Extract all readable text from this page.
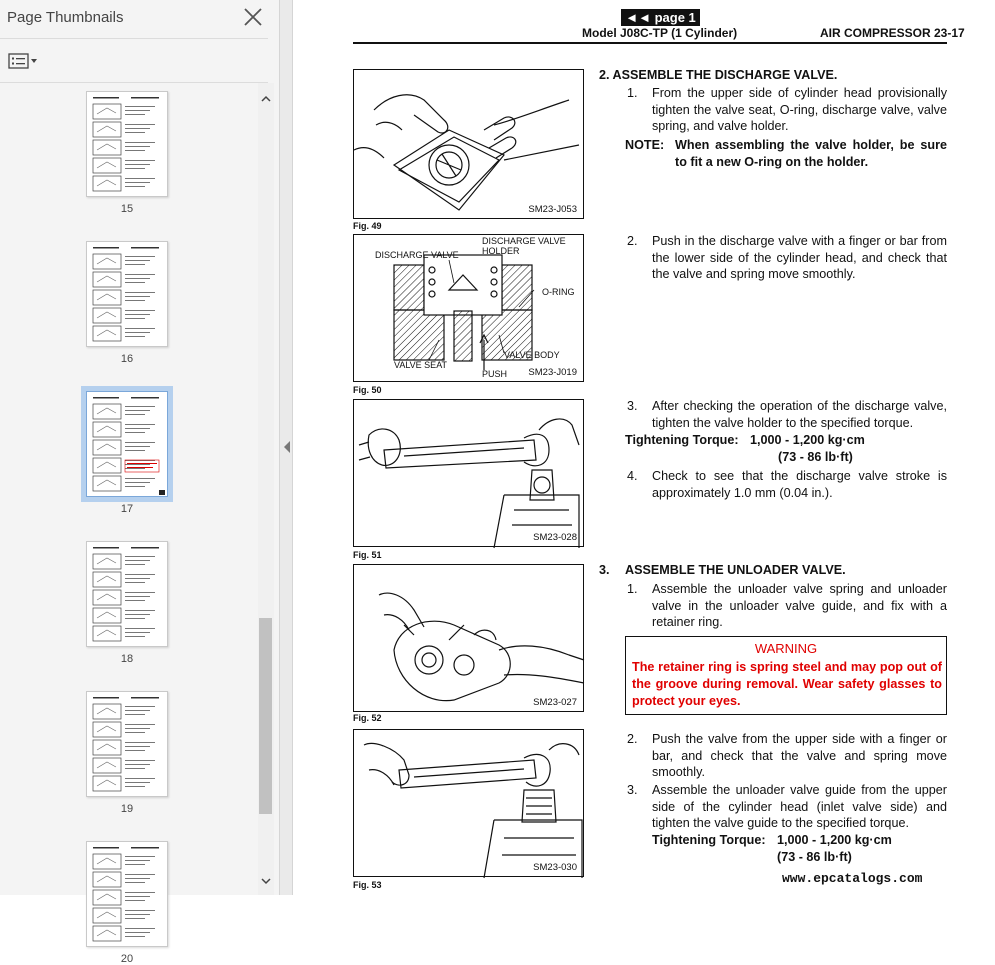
Page Thumbnails
15
16
17
18
19
20
◄◄ page 1
Model J08C-TP (1 Cylinder)	AIR COMPRESSOR 23-17
SM23-J053
Fig. 49
DISCHARGE VALVE
DISCHARGE VALVE
HOLDER
O-RING
VALVE SEAT
VALVE BODY
PUSH SM23-J019
Fig. 50
SM23-028
Fig. 51
SM23-027
Fig. 52
SM23-030
Fig. 53
2. ASSEMBLE THE DISCHARGE VALVE.
1. From the upper side of cylinder head provisionally tighten the valve seat, O-ring, discharge valve, valve spring, and valve holder.
NOTE: When assembling the valve holder, be sure to fit a new O-ring on the holder.
2. Push in the discharge valve with a finger or bar from the lower side of the cylinder head, and check that the valve and spring move smoothly.
3. After checking the operation of the discharge valve, tighten the valve holder to the specified torque.
Tightening Torque: 1,000 - 1,200 kg·cm
(73 - 86 lb·ft)
4. Check to see that the discharge valve stroke is approximately 1.0 mm (0.04 in.).
3. ASSEMBLE THE UNLOADER VALVE.
1. Assemble the unloader valve spring and unloader valve in the unloader valve guide, and fix with a retainer ring.
WARNING
The retainer ring is spring steel and may pop out of the groove during removal. Wear safety glasses to protect your eyes.
2. Push the valve from the upper side with a finger or bar, and check that the valve and spring move smoothly.
3. Assemble the unloader valve guide from the upper side of the cylinder head (inlet valve side) and tighten the valve guide to the specified torque.
Tightening Torque: 1,000 - 1,200 kg·cm
(73 - 86 lb·ft)
www.epcatalogs.com
